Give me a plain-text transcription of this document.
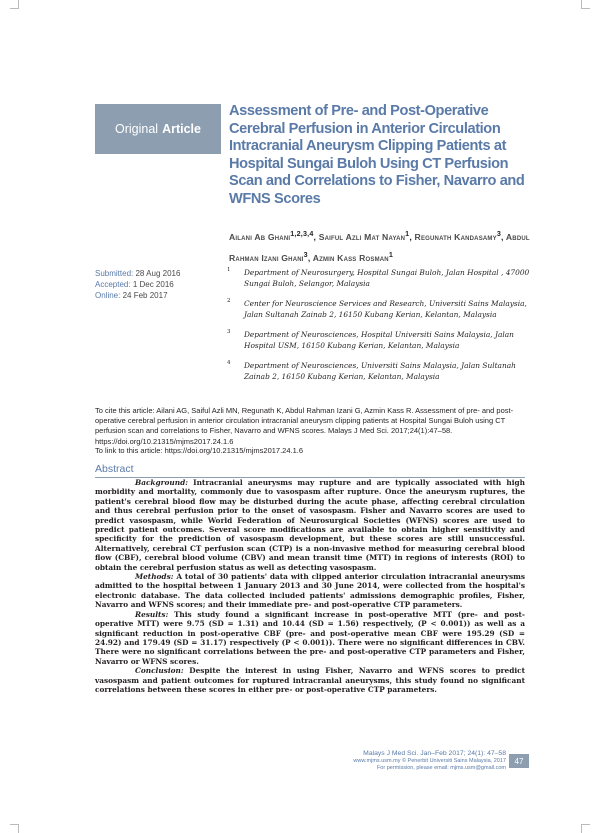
Original Article
Assessment of Pre- and Post-Operative Cerebral Perfusion in Anterior Circulation Intracranial Aneurysm Clipping Patients at Hospital Sungai Buloh Using CT Perfusion Scan and Correlations to Fisher, Navarro and WFNS Scores
Ailani Ab Ghani$^{1,2,3,4}$, Saiful Azli Mat Nayan$^1$, Regunath Kandasamy$^3$, Abdul Rahman Izani Ghani$^3$, Azmin Kass Rosman$^1$
Submitted: 28 Aug 2016
Accepted: 1 Dec 2016
Online: 24 Feb 2017
1 Department of Neurosurgery, Hospital Sungai Buloh, Jalan Hospital , 47000 Sungai Buloh, Selangor, Malaysia
2 Center for Neuroscience Services and Research, Universiti Sains Malaysia, Jalan Sultanah Zainab 2, 16150 Kubang Kerian, Kelantan, Malaysia
3 Department of Neurosciences, Hospital Universiti Sains Malaysia, Jalan Hospital USM, 16150 Kubang Kerian, Kelantan, Malaysia
4 Department of Neurosciences, Universiti Sains Malaysia, Jalan Sultanah Zainab 2, 16150 Kubang Kerian, Kelantan, Malaysia
To cite this article: Ailani AG, Saiful Azli MN, Regunath K, Abdul Rahman Izani G, Azmin Kass R. Assessment of pre- and post-operative cerebral perfusion in anterior circulation intracranial aneurysm clipping patients at Hospital Sungai Buloh using CT perfusion scan and correlations to Fisher, Navarro and WFNS scores. Malays J Med Sci. 2017;24(1):47–58. https://doi.org/10.21315/mjms2017.24.1.6
To link to this article: https://doi.org/10.21315/mjms2017.24.1.6
Abstract

Background: Intracranial aneurysms may rupture and are typically associated with high morbidity and mortality, commonly due to vasospasm after rupture. Once the aneurysm ruptures, the patient's cerebral blood flow may be disturbed during the acute phase, affecting cerebral circulation and thus cerebral perfusion prior to the onset of vasospasm. Fisher and Navarro scores are used to predict vasospasm, while World Federation of Neurosurgical Societies (WFNS) scores are used to predict patient outcomes. Several score modifications are available to obtain higher sensitivity and specificity for the prediction of vasospasm development, but these scores are still unsuccessful. Alternatively, cerebral CT perfusion scan (CTP) is a non-invasive method for measuring cerebral blood flow (CBF), cerebral blood volume (CBV) and mean transit time (MTT) in regions of interests (ROI) to obtain the cerebral perfusion status as well as detecting vasospasm.

Methods: A total of 30 patients' data with clipped anterior circulation intracranial aneurysms admitted to the hospital between 1 January 2013 and 30 June 2014, were collected from the hospital's electronic database. The data collected included patients' admissions demographic profiles, Fisher, Navarro and WFNS scores; and their immediate pre- and post-operative CTP parameters.

Results: This study found a significant increase in post-operative MTT (pre- and post-operative MTT) were 9.75 (SD = 1.31) and 10.44 (SD = 1.56) respectively, (P < 0.001)) as well as a significant reduction in post-operative CBF (pre- and post-operative mean CBF were 195.29 (SD = 24.92) and 179.49 (SD = 31.17) respectively (P < 0.001)). There were no significant differences in CBV. There were no significant correlations between the pre- and post-operative CTP parameters and Fisher, Navarro or WFNS scores.

Conclusion: Despite the interest in using Fisher, Navarro and WFNS scores to predict vasospasm and patient outcomes for ruptured intracranial aneurysms, this study found no significant correlations between these scores in either pre- or post-operative CTP parameters.

Malays J Med Sci. Jan–Feb 2017; 24(1): 47–58
www.mjms.usm.my © Penerbit Universiti Sains Malaysia, 2017
For permission, please email: mjms.usm@gmail.com
47
